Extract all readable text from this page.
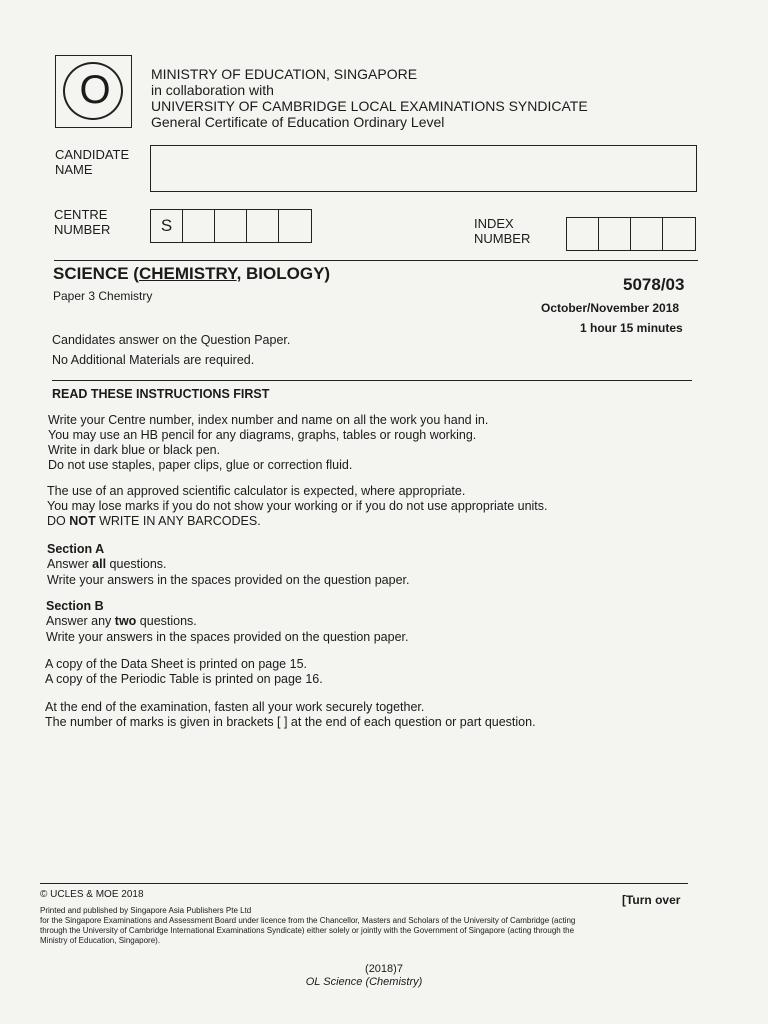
O	MINISTRY OF EDUCATION, SINGAPORE
in collaboration with
UNIVERSITY OF CAMBRIDGE LOCAL EXAMINATIONS SYNDICATE
General Certificate of Education Ordinary Level
CANDIDATE
NAME
CENTRE
NUMBER	S	INDEX
NUMBER
SCIENCE (CHEMISTRY, BIOLOGY)
5078/03
Paper 3 Chemistry
October/November 2018
1 hour 15 minutes
Candidates answer on the Question Paper.
No Additional Materials are required.
READ THESE INSTRUCTIONS FIRST
Write your Centre number, index number and name on all the work you hand in.
You may use an HB pencil for any diagrams, graphs, tables or rough working.
Write in dark blue or black pen.
Do not use staples, paper clips, glue or correction fluid.
The use of an approved scientific calculator is expected, where appropriate.
You may lose marks if you do not show your working or if you do not use appropriate units.
DO NOT WRITE IN ANY BARCODES.
Section A
Answer all questions.
Write your answers in the spaces provided on the question paper.
Section B
Answer any two questions.
Write your answers in the spaces provided on the question paper.
A copy of the Data Sheet is printed on page 15.
A copy of the Periodic Table is printed on page 16.
At the end of the examination, fasten all your work securely together.
The number of marks is given in brackets [ ] at the end of each question or part question.
© UCLES & MOE 2018	[Turn over
Printed and published by Singapore Asia Publishers Pte Ltd
for the Singapore Examinations and Assessment Board under licence from the Chancellor, Masters and Scholars of the University of Cambridge (acting
through the University of Cambridge International Examinations Syndicate) either solely or jointly with the Government of Singapore (acting through the
Ministry of Education, Singapore).
(2018)7
OL Science (Chemistry)
